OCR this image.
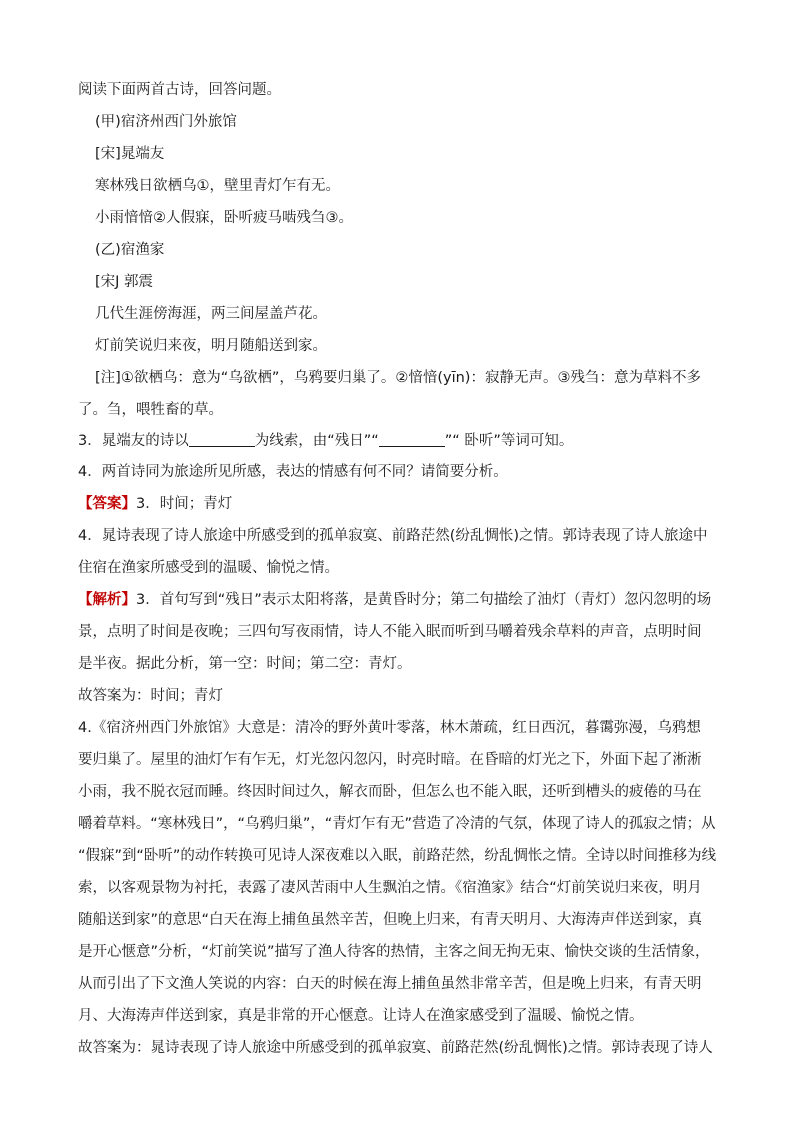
阅读下面两首古诗，回答问题。
(甲)宿济州西门外旅馆
[宋]晁端友
寒林残日欲栖乌①，壁里青灯乍有无。
小雨愔愔②人假寐，卧听疲马啮残刍③。
(乙)宿渔家
[宋J 郭震
几代生涯傍海涯，两三间屋盖芦花。
灯前笑说归来夜，明月随船送到家。
[注]①欲栖乌：意为“乌欲栖”，乌鸦要归巢了。②愔愔(yīn)：寂静无声。③残刍：意为草料不多
了。刍，喂牲畜的草。
3．晁端友的诗以	为线索，由“残日”“	”“ 卧听”等词可知。
4．两首诗同为旅途所见所感，表达的情感有何不同？请简要分析。
【答案】3．时间；青灯
4．晁诗表现了诗人旅途中所感受到的孤单寂寞、前路茫然(纷乱惆怅)之情。郭诗表现了诗人旅途中
住宿在渔家所感受到的温暖、愉悦之情。
【解析】3．首句写到“残日”表示太阳将落，是黄昏时分；第二句描绘了油灯（青灯）忽闪忽明的场
景，点明了时间是夜晚；三四句写夜雨情，诗人不能入眠而听到马嚼着残余草料的声音，点明时间
是半夜。据此分析，第一空：时间；第二空：青灯。
故答案为：时间；青灯
4.《宿济州西门外旅馆》大意是：清冷的野外黄叶零落，林木萧疏，红日西沉，暮霭弥漫，乌鸦想
要归巢了。屋里的油灯乍有乍无，灯光忽闪忽闪，时亮时暗。在昏暗的灯光之下，外面下起了淅淅
小雨，我不脱衣冠而睡。终因时间过久，解衣而卧，但怎么也不能入眠，还听到槽头的疲倦的马在
嚼着草料。“寒林残日”，“乌鸦归巢”，“青灯乍有无”营造了冷清的气氛，体现了诗人的孤寂之情；从
“假寐”到“卧听”的动作转换可见诗人深夜难以入眠，前路茫然，纷乱惆怅之情。全诗以时间推移为线
索，以客观景物为衬托，表露了凄风苦雨中人生飘泊之情。《宿渔家》结合“灯前笑说归来夜，明月
随船送到家”的意思“白天在海上捕鱼虽然辛苦，但晚上归来，有青天明月、大海涛声伴送到家，真
是开心惬意”分析，“灯前笑说”描写了渔人待客的热情，主客之间无拘无束、愉快交谈的生活情象，
从而引出了下文渔人笑说的内容：白天的时候在海上捕鱼虽然非常辛苦，但是晚上归来，有青天明
月、大海涛声伴送到家，真是非常的开心惬意。让诗人在渔家感受到了温暖、愉悦之情。
故答案为：晁诗表现了诗人旅途中所感受到的孤单寂寞、前路茫然(纷乱惆怅)之情。郭诗表现了诗人
